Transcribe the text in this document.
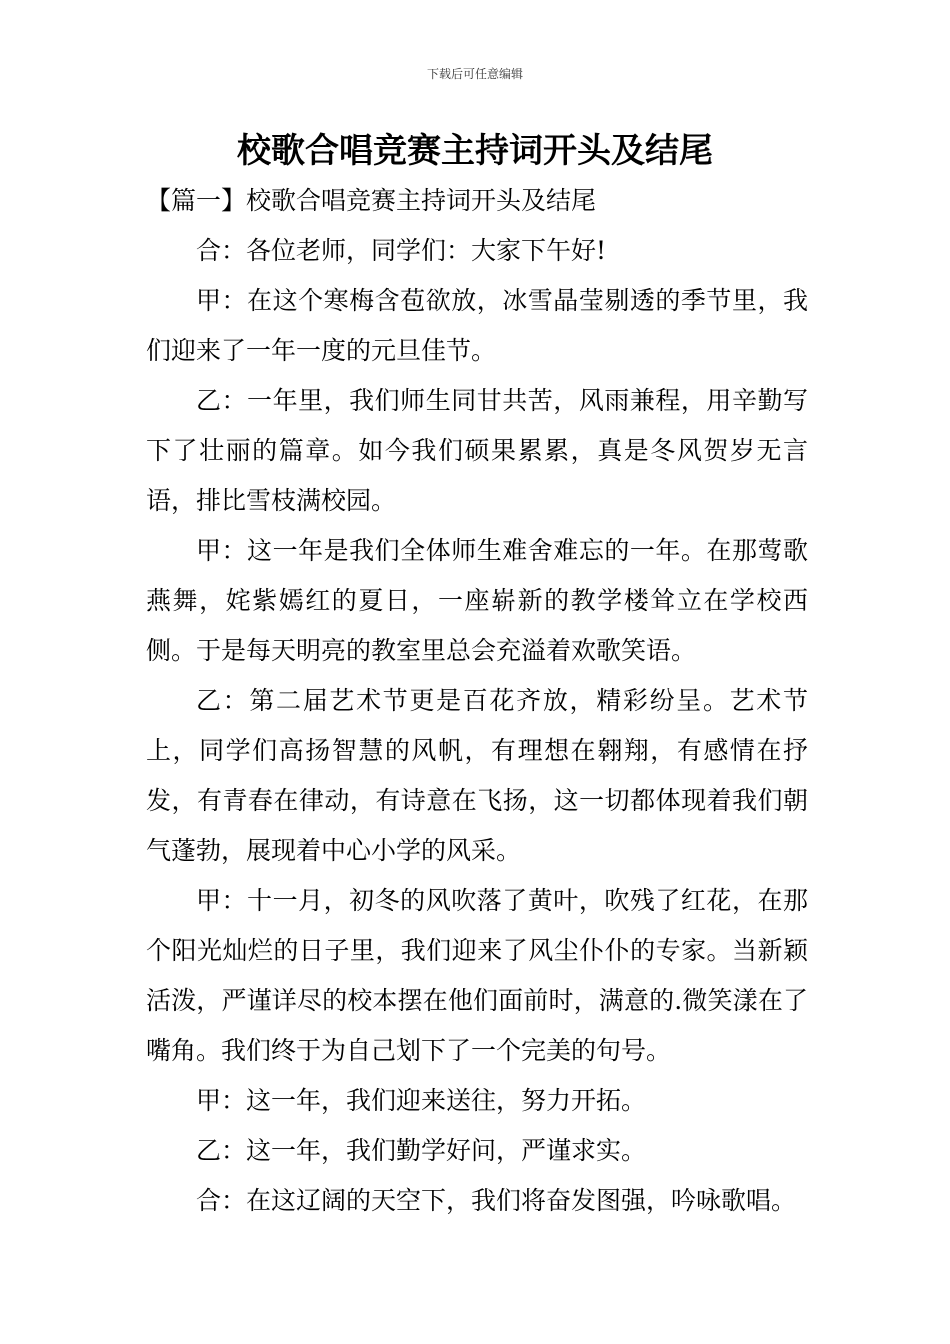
下载后可任意编辑
校歌合唱竞赛主持词开头及结尾

【篇一】校歌合唱竞赛主持词开头及结尾

合：各位老师，同学们：大家下午好!

甲：在这个寒梅含苞欲放，冰雪晶莹剔透的季节里，我们迎来了一年一度的元旦佳节。

乙：一年里，我们师生同甘共苦，风雨兼程，用辛勤写下了壮丽的篇章。如今我们硕果累累，真是冬风贺岁无言语，排比雪枝满校园。

甲：这一年是我们全体师生难舍难忘的一年。在那莺歌燕舞，姹紫嫣红的夏日，一座崭新的教学楼耸立在学校西侧。于是每天明亮的教室里总会充溢着欢歌笑语。

乙：第二届艺术节更是百花齐放，精彩纷呈。艺术节上，同学们高扬智慧的风帆，有理想在翱翔，有感情在抒发，有青春在律动，有诗意在飞扬，这一切都体现着我们朝气蓬勃，展现着中心小学的风采。

甲：十一月，初冬的风吹落了黄叶，吹残了红花，在那个阳光灿烂的日子里，我们迎来了风尘仆仆的专家。当新颖活泼，严谨详尽的校本摆在他们面前时，满意的.微笑漾在了嘴角。我们终于为自己划下了一个完美的句号。

甲：这一年，我们迎来送往，努力开拓。

乙：这一年，我们勤学好问，严谨求实。

合：在这辽阔的天空下，我们将奋发图强，吟咏歌唱。
